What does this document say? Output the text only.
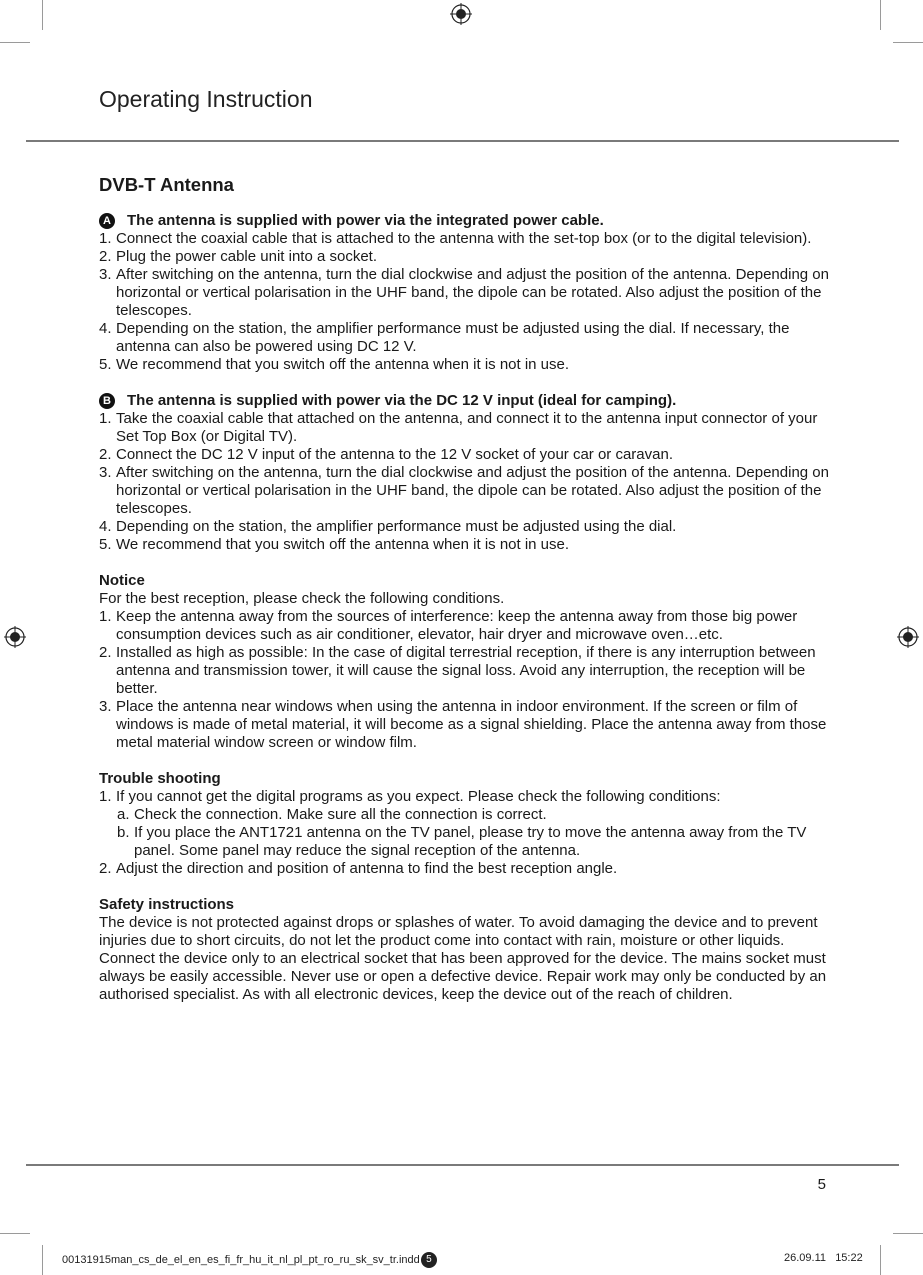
Operating Instruction
DVB-T Antenna
A The antenna is supplied with power via the integrated power cable.
1. Connect the coaxial cable that is attached to the antenna with the set-top box (or to the digital television).
2. Plug the power cable unit into a socket.
3. After switching on the antenna, turn the dial clockwise and adjust the position of the antenna. Depending on horizontal or vertical polarisation in the UHF band, the dipole can be rotated. Also adjust the position of the telescopes.
4. Depending on the station, the amplifier performance must be adjusted using the dial. If necessary, the antenna can also be powered using DC 12 V.
5. We recommend that you switch off the antenna when it is not in use.
B The antenna is supplied with power via the DC 12 V input (ideal for camping).
1. Take the coaxial cable that attached on the antenna, and connect it to the antenna input connector of your Set Top Box (or Digital TV).
2. Connect the DC 12 V input of the antenna to the 12 V socket of your car or caravan.
3. After switching on the antenna, turn the dial clockwise and adjust the position of the antenna. Depending on horizontal or vertical polarisation in the UHF band, the dipole can be rotated. Also adjust the position of the telescopes.
4. Depending on the station, the amplifier performance must be adjusted using the dial.
5. We recommend that you switch off the antenna when it is not in use.
Notice

For the best reception, please check the following conditions.

1. Keep the antenna away from the sources of interference: keep the antenna away from those big power consumption devices such as air conditioner, elevator, hair dryer and microwave oven…etc.
2. Installed as high as possible: In the case of digital terrestrial reception, if there is any interruption between antenna and transmission tower, it will cause the signal loss. Avoid any interruption, the reception will be better.
3. Place the antenna near windows when using the antenna in indoor environment. If the screen or film of windows is made of metal material, it will become as a signal shielding. Place the antenna away from those metal material window screen or window film.
Trouble shooting
1. If you cannot get the digital programs as you expect. Please check the following conditions:
a. Check the connection. Make sure all the connection is correct.
b. If you place the ANT1721 antenna on the TV panel, please try to move the antenna away from the TV panel. Some panel may reduce the signal reception of the antenna.
2. Adjust the direction and position of antenna to find the best reception angle.
Safety instructions

The device is not protected against drops or splashes of water. To avoid damaging the device and to prevent injuries due to short circuits, do not let the product come into contact with rain, moisture or other liquids. Connect the device only to an electrical socket that has been approved for the device. The mains socket must always be easily accessible. Never use or open a defective device. Repair work may only be conducted by an authorised specialist. As with all electronic devices, keep the device out of the reach of children.

5
00131915man_cs_de_el_en_es_fi_fr_hu_it_nl_pl_pt_ro_ru_sk_sv_tr.indd 5	26.09.11 15:22
